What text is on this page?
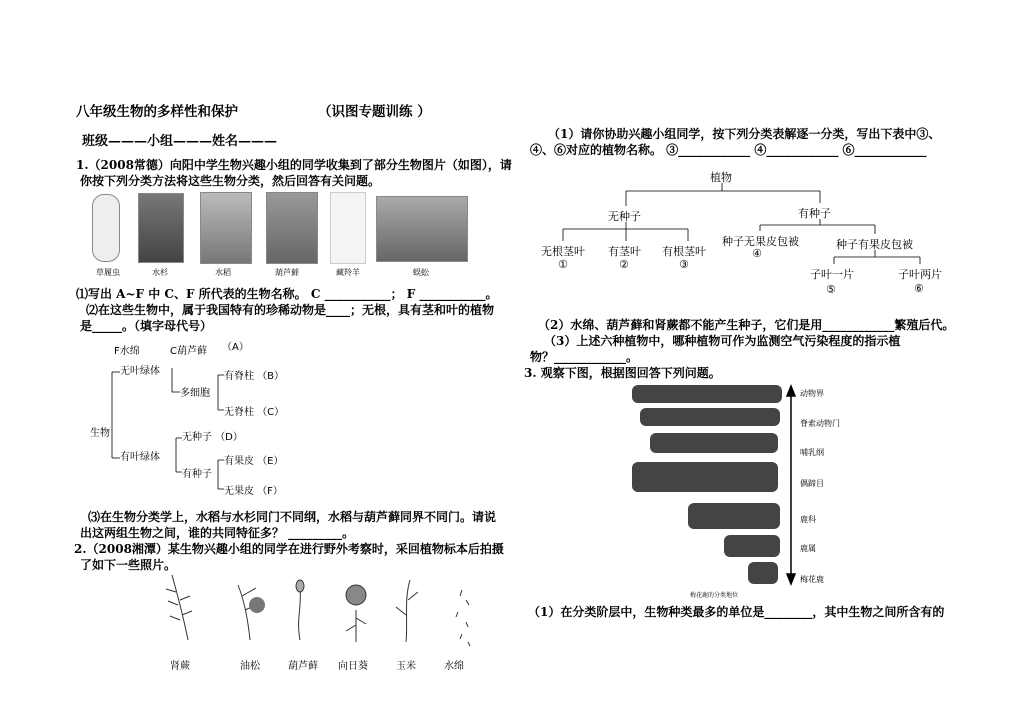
八年级生物的多样性和保护	（识图专题训练 ）
班级———小组———姓名———
1.（2008常德）向阳中学生物兴趣小组的同学收集到了部分生物图片（如图），请
你按下列分类方法将这些生物分类，然后回答有关问题。
草履虫	水杉	水稻	葫芦藓	藏羚羊	蜈蚣
⑴写出 A~F 中 C、F 所代表的生物名称。 C ___________； F ___________。
⑵在这些生物中，属于我国特有的珍稀动物是____；无根，具有茎和叶的植物
是_____。（填字母代号）
F水绵	C葫芦藓 （A）
生物
无叶绿体
多细胞
有脊柱 （B）
无脊柱 （C）
有叶绿体
无种子 （D）
有种子
有果皮 （E）
无果皮 （F）
⑶在生物分类学上，水稻与水杉同门不同纲，水稻与葫芦藓同界不同门。请说
出这两组生物之间，谁的共同特征多？ _________。
2.（2008湘潭）某生物兴趣小组的同学在进行野外考察时，采回植物标本后拍摄
了如下一些照片。
肾蕨	油松	葫芦藓 向日葵	玉米	水绵
（1）请你协助兴趣小组同学，按下列分类表解逐一分类，写出下表中③、
④、⑥对应的植物名称。 ③____________ ④____________ ⑥____________
植物
无种子	有种子
无根茎叶 有茎叶 有根茎叶
种子无果皮包被	种子有果皮包被
子叶一片	子叶两片
①	②	③
④
⑤	⑥
（2）水绵、葫芦藓和肾蕨都不能产生种子，它们是用____________繁殖后代。
（3）上述六种植物中，哪种植物可作为监测空气污染程度的指示植
物？____________。
3. 观察下图，根据图回答下列问题。
动物界
脊索动物门
哺乳纲
偶蹄目
鹿科
鹿属
梅花鹿
梅花鹿的分类地位
（1）在分类阶层中，生物种类最多的单位是________，其中生物之间所含有的
